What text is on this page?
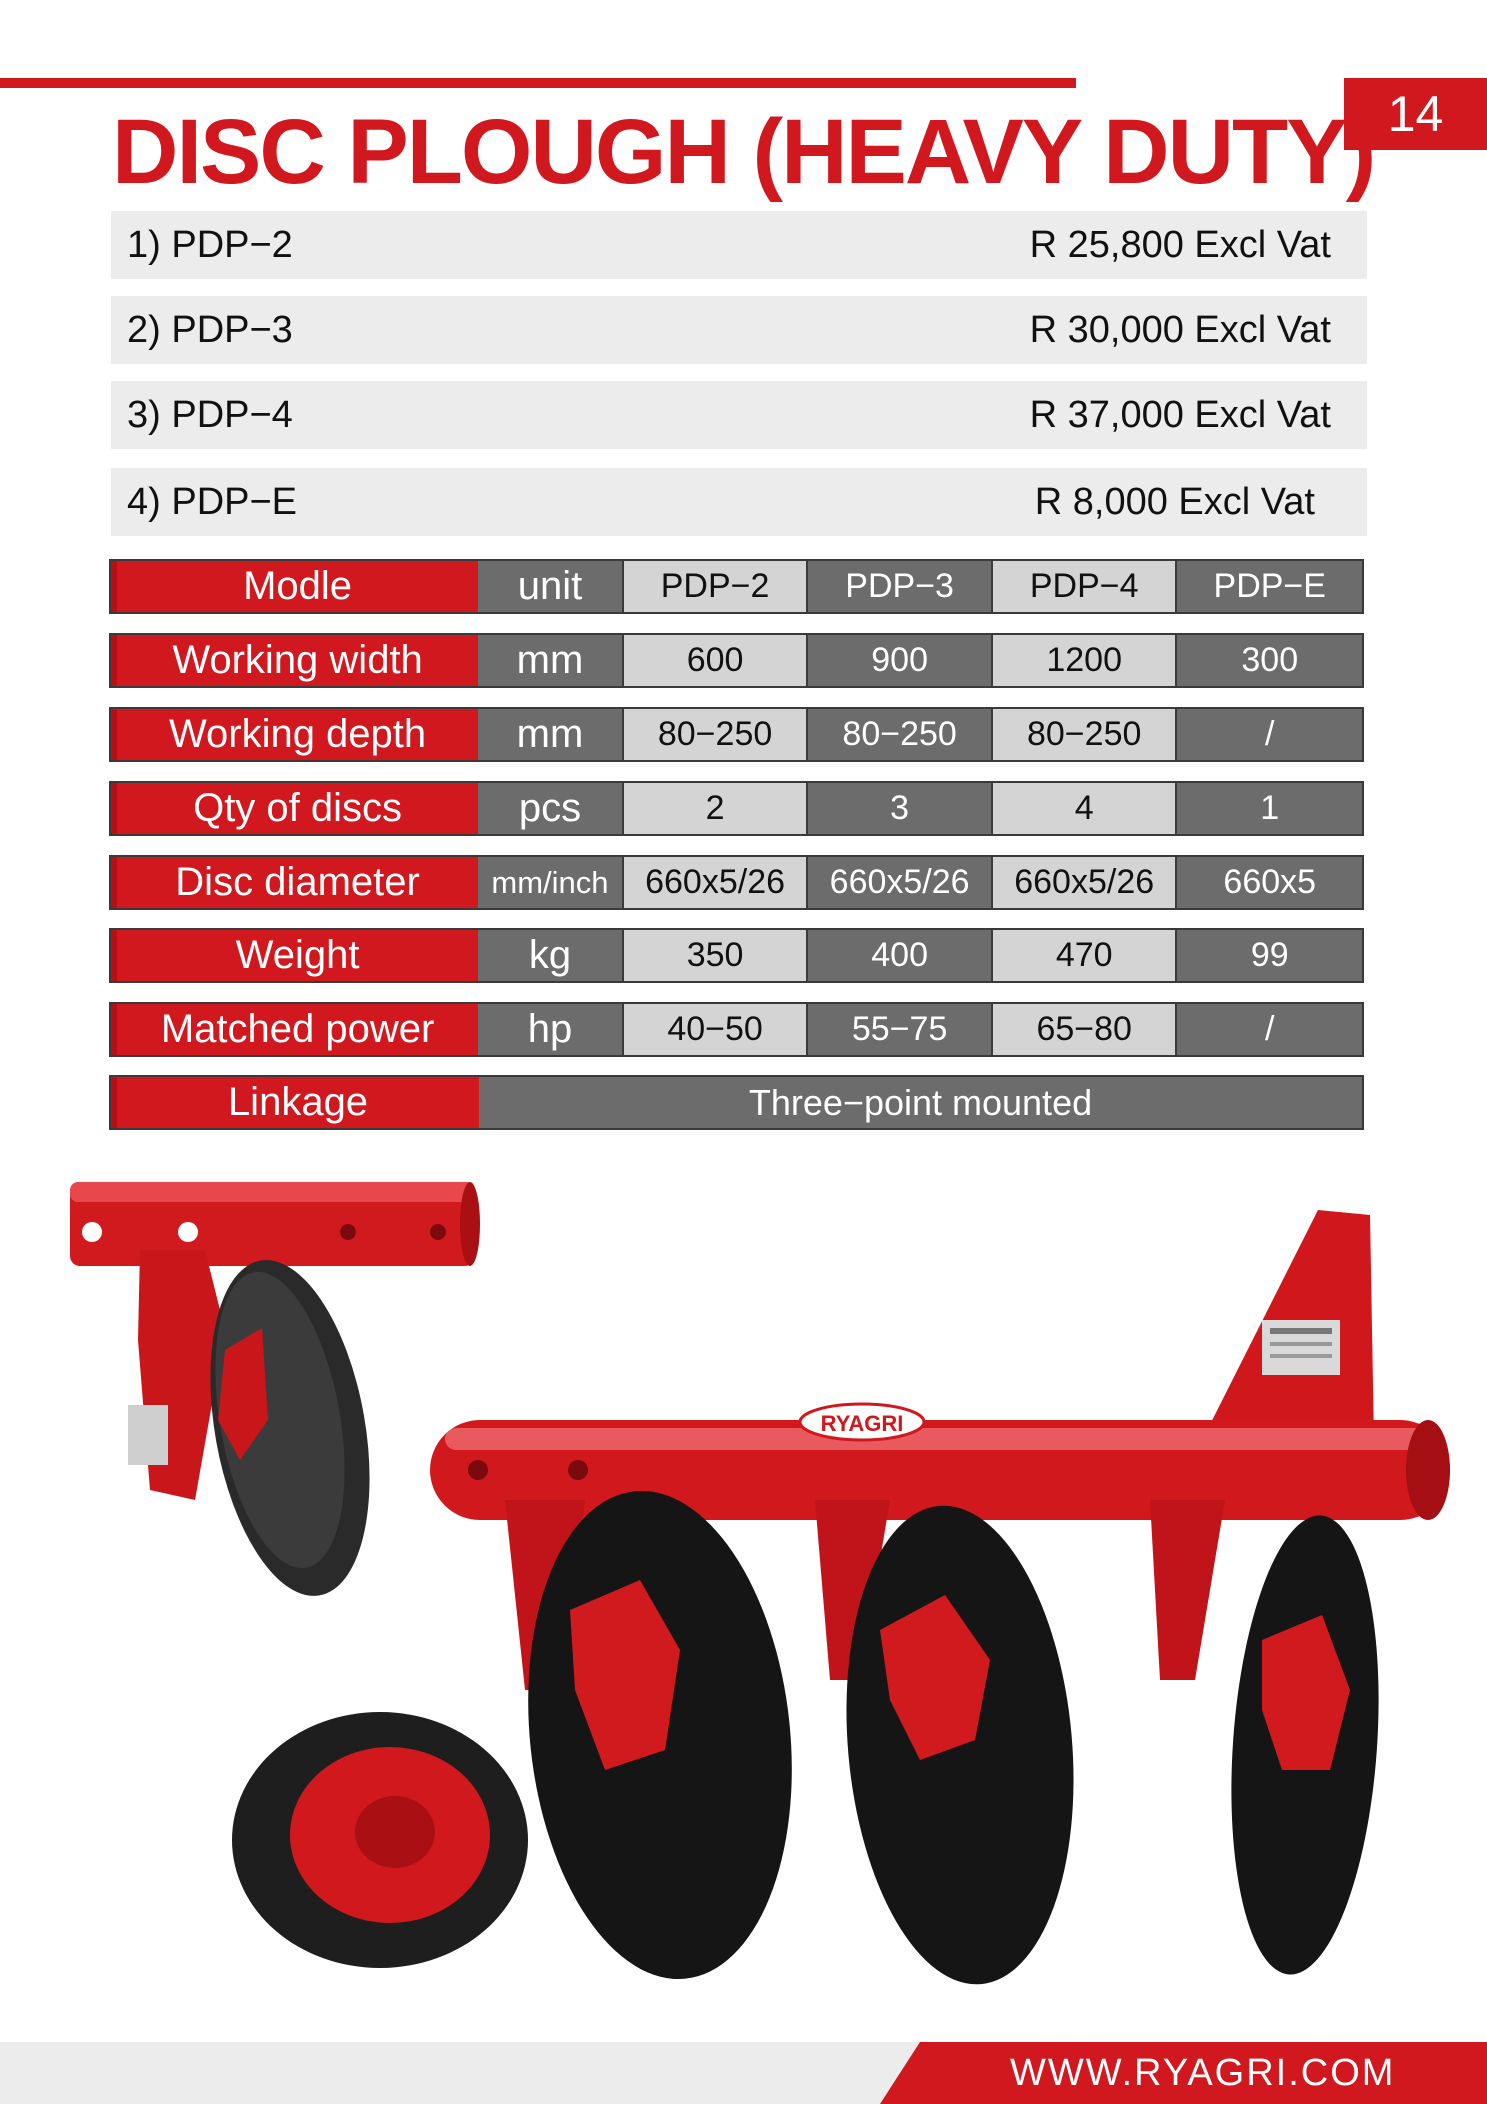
14
DISC PLOUGH (HEAVY DUTY)
1) PDP−2	R 25,800 Excl Vat
2) PDP−3	R 30,000 Excl Vat
3) PDP−4	R 37,000 Excl Vat
4) PDP−E	R 8,000 Excl Vat
Modle	unit	PDP−2	PDP−3	PDP−4	PDP−E
Working width	mm	600	900	1200	300
Working depth	mm	80−250	80−250	80−250	/
Qty of discs	pcs	2	3	4	1
Disc diameter	mm/inch	660x5/26	660x5/26	660x5/26	660x5
Weight	kg	350	400	470	99
Matched power	hp	40−50	55−75	65−80	/
Linkage	Three−point mounted
RYAGRI
WWW.RYAGRI.COM
